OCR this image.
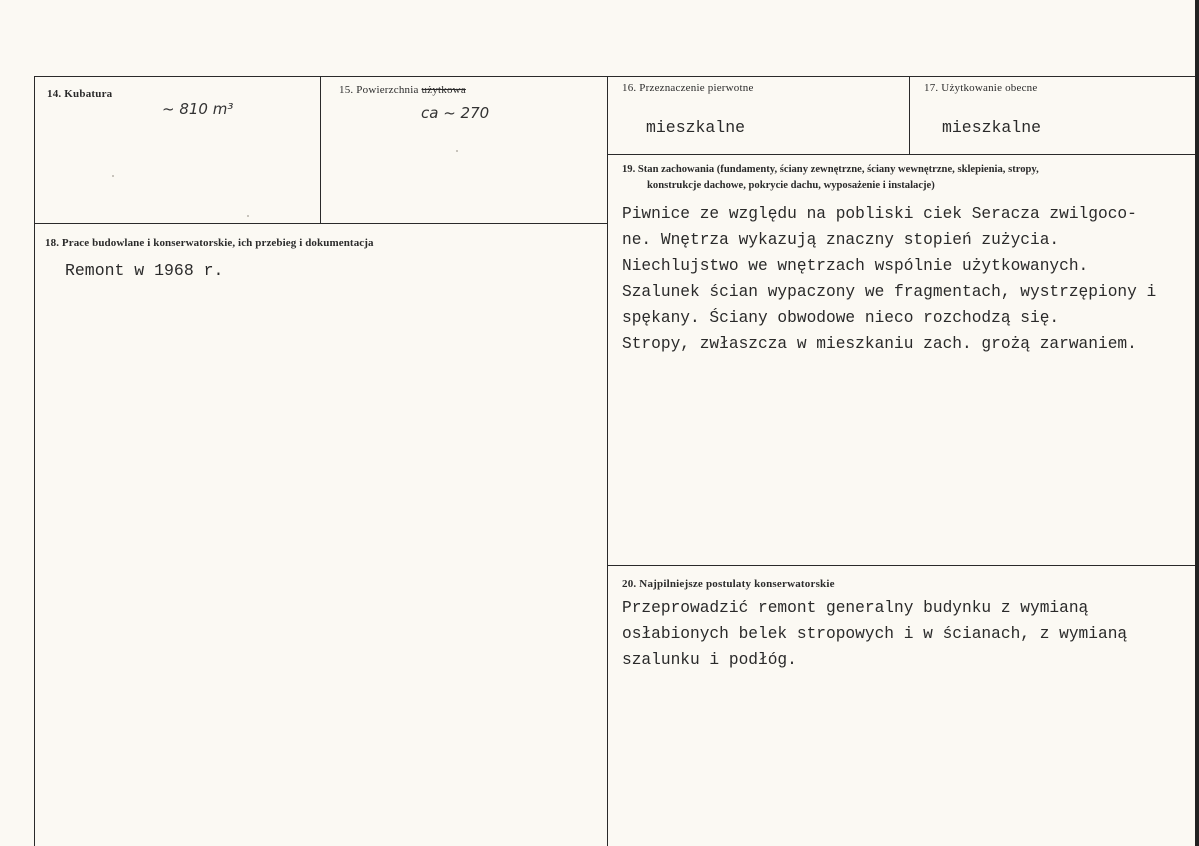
14. Kubatura
~ 810 m³
15. Powierzchnia użytkowa
ca ~ 270
16. Przeznaczenie pierwotne
mieszkalne
17. Użytkowanie obecne
mieszkalne
18. Prace budowlane i konserwatorskie, ich przebieg i dokumentacja
Remont w 1968 r.
19. Stan zachowania (fundamenty, ściany zewnętrzne, ściany wewnętrzne, sklepienia, stropy,
konstrukcje dachowe, pokrycie dachu, wyposażenie i instalacje)
Piwnice ze względu na pobliski ciek Seracza zwilgoco-
ne. Wnętrza wykazują znaczny stopień zużycia.
Niechlujstwo we wnętrzach wspólnie użytkowanych.
Szalunek ścian wypaczony we fragmentach, wystrzępiony i
spękany. Ściany obwodowe nieco rozchodzą się.
Stropy, zwłaszcza w mieszkaniu zach. grożą zarwaniem.
20. Najpilniejsze postulaty konserwatorskie
Przeprowadzić remont generalny budynku z wymianą
osłabionych belek stropowych i w ścianach, z wymianą
szalunku i podłóg.
